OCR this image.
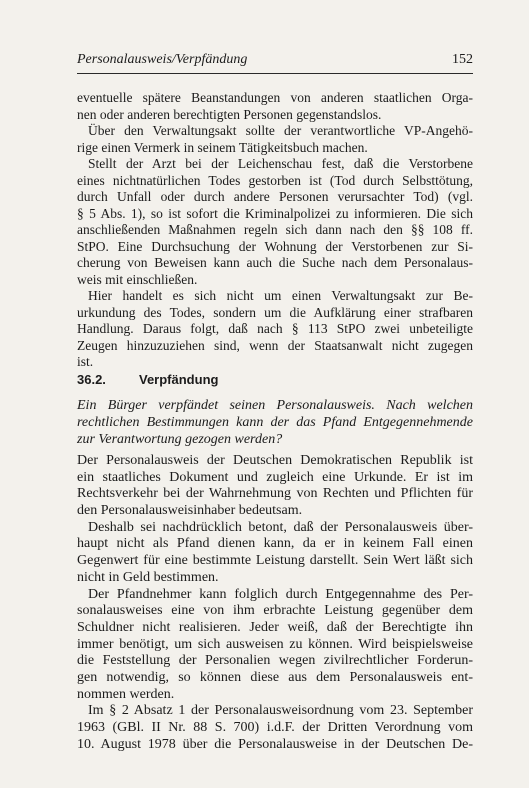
Personalausweis/Verpfändung	152
eventuelle spätere Beanstandungen von anderen staatlichen Orga-
nen oder anderen berechtigten Personen gegenstandslos.
Über den Verwaltungsakt sollte der verantwortliche VP-Angehö-
rige einen Vermerk in seinem Tätigkeitsbuch machen.
Stellt der Arzt bei der Leichenschau fest, daß die Verstorbene
eines nichtnatürlichen Todes gestorben ist (Tod durch Selbsttötung,
durch Unfall oder durch andere Personen verursachter Tod) (vgl.
§ 5 Abs. 1), so ist sofort die Kriminalpolizei zu informieren. Die sich
anschließenden Maßnahmen regeln sich dann nach den §§ 108 ff.
StPO. Eine Durchsuchung der Wohnung der Verstorbenen zur Si-
cherung von Beweisen kann auch die Suche nach dem Personalaus-
weis mit einschließen.
Hier handelt es sich nicht um einen Verwaltungsakt zur Be-
urkundung des Todes, sondern um die Aufklärung einer strafbaren
Handlung. Daraus folgt, daß nach § 113 StPO zwei unbeteiligte
Zeugen hinzuzuziehen sind, wenn der Staatsanwalt nicht zugegen
ist.
36.2.	Verpfändung
Ein Bürger verpfändet seinen Personalausweis. Nach welchen
rechtlichen Bestimmungen kann der das Pfand Entgegennehmende
zur Verantwortung gezogen werden?
Der Personalausweis der Deutschen Demokratischen Republik ist
ein staatliches Dokument und zugleich eine Urkunde. Er ist im
Rechtsverkehr bei der Wahrnehmung von Rechten und Pflichten für
den Personalausweisinhaber bedeutsam.
Deshalb sei nachdrücklich betont, daß der Personalausweis über-
haupt nicht als Pfand dienen kann, da er in keinem Fall einen
Gegenwert für eine bestimmte Leistung darstellt. Sein Wert läßt sich
nicht in Geld bestimmen.
Der Pfandnehmer kann folglich durch Entgegennahme des Per-
sonalausweises eine von ihm erbrachte Leistung gegenüber dem
Schuldner nicht realisieren. Jeder weiß, daß der Berechtigte ihn
immer benötigt, um sich ausweisen zu können. Wird beispielsweise
die Feststellung der Personalien wegen zivilrechtlicher Forderun-
gen notwendig, so können diese aus dem Personalausweis ent-
nommen werden.
Im § 2 Absatz 1 der Personalausweisordnung vom 23. September
1963 (GBl. II Nr. 88 S. 700) i.d.F. der Dritten Verordnung vom
10. August 1978 über die Personalausweise in der Deutschen De-
